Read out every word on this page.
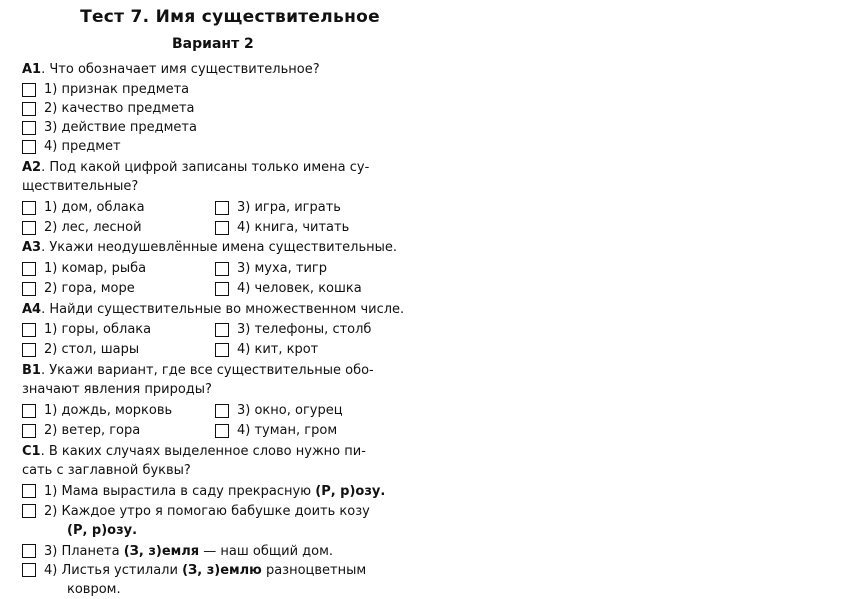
Тест 7. Имя существительное
Вариант 2
A1. Что обозначает имя существительное?
1) признак предмета
2) качество предмета
3) действие предмета
4) предмет
A2. Под какой цифрой записаны только имена су-
ществительные?
1) дом, облака	3) игра, играть
2) лес, лесной	4) книга, читать
A3. Укажи неодушевлённые имена существительные.
1) комар, рыба	3) муха, тигр
2) гора, море	4) человек, кошка
A4. Найди существительные во множественном числе.
1) горы, облака	3) телефоны, столб
2) стол, шары	4) кит, крот
B1. Укажи вариант, где все существительные обо-
значают явления природы?
1) дождь, морковь	3) окно, огурец
2) ветер, гора	4) туман, гром
C1. В каких случаях выделенное слово нужно пи-
сать с заглавной буквы?
1) Мама вырастила в саду прекрасную (Р, р)озу.
2) Каждое утро я помогаю бабушке доить козу
(Р, р)озу.
3) Планета (З, з)емля — наш общий дом.
4) Листья устилали (З, з)емлю разноцветным
ковром.
